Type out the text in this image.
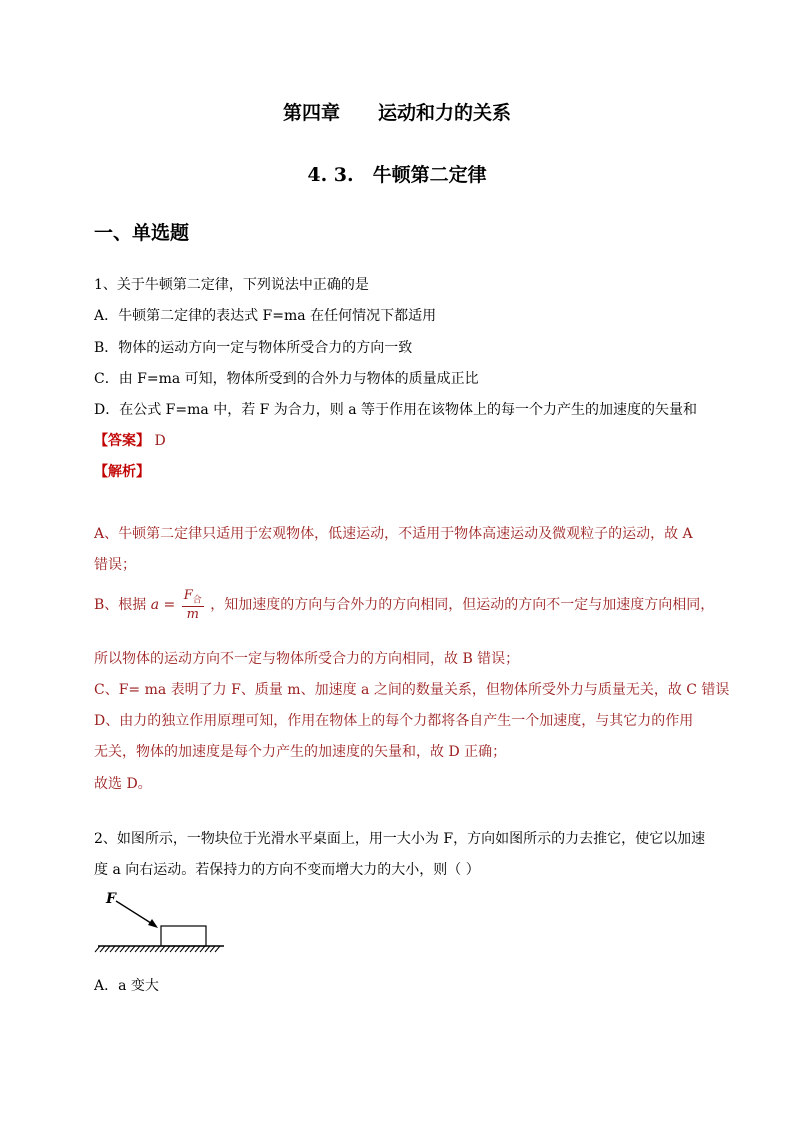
第四章　　运动和力的关系
4. 3.　牛顿第二定律
一、单选题
1、关于牛顿第二定律，下列说法中正确的是
A．牛顿第二定律的表达式 F=ma 在任何情况下都适用
B．物体的运动方向一定与物体所受合力的方向一致
C．由 F=ma 可知，物体所受到的合外力与物体的质量成正比
D．在公式 F=ma 中，若 F 为合力，则 a 等于作用在该物体上的每一个力产生的加速度的矢量和
【答案】 D
【解析】
A、牛顿第二定律只适用于宏观物体，低速运动，不适用于物体高速运动及微观粒子的运动，故 A
错误；
B、根据 $a = \frac{F_合}{m}$ ，知加速度的方向与合外力的方向相同，但运动的方向不一定与加速度方向相同，
所以物体的运动方向不一定与物体所受合力的方向相同，故 B 错误；
C、F= ma 表明了力 F、质量 m、加速度 a 之间的数量关系，但物体所受外力与质量无关，故 C 错误
D、由力的独立作用原理可知，作用在物体上的每个力都将各自产生一个加速度，与其它力的作用
无关，物体的加速度是每个力产生的加速度的矢量和，故 D 正确；
故选 D。
2、如图所示，一物块位于光滑水平桌面上，用一大小为 F，方向如图所示的力去推它，使它以加速
度 a 向右运动。若保持力的方向不变而增大力的大小，则（ ）
F
A．a 变大
